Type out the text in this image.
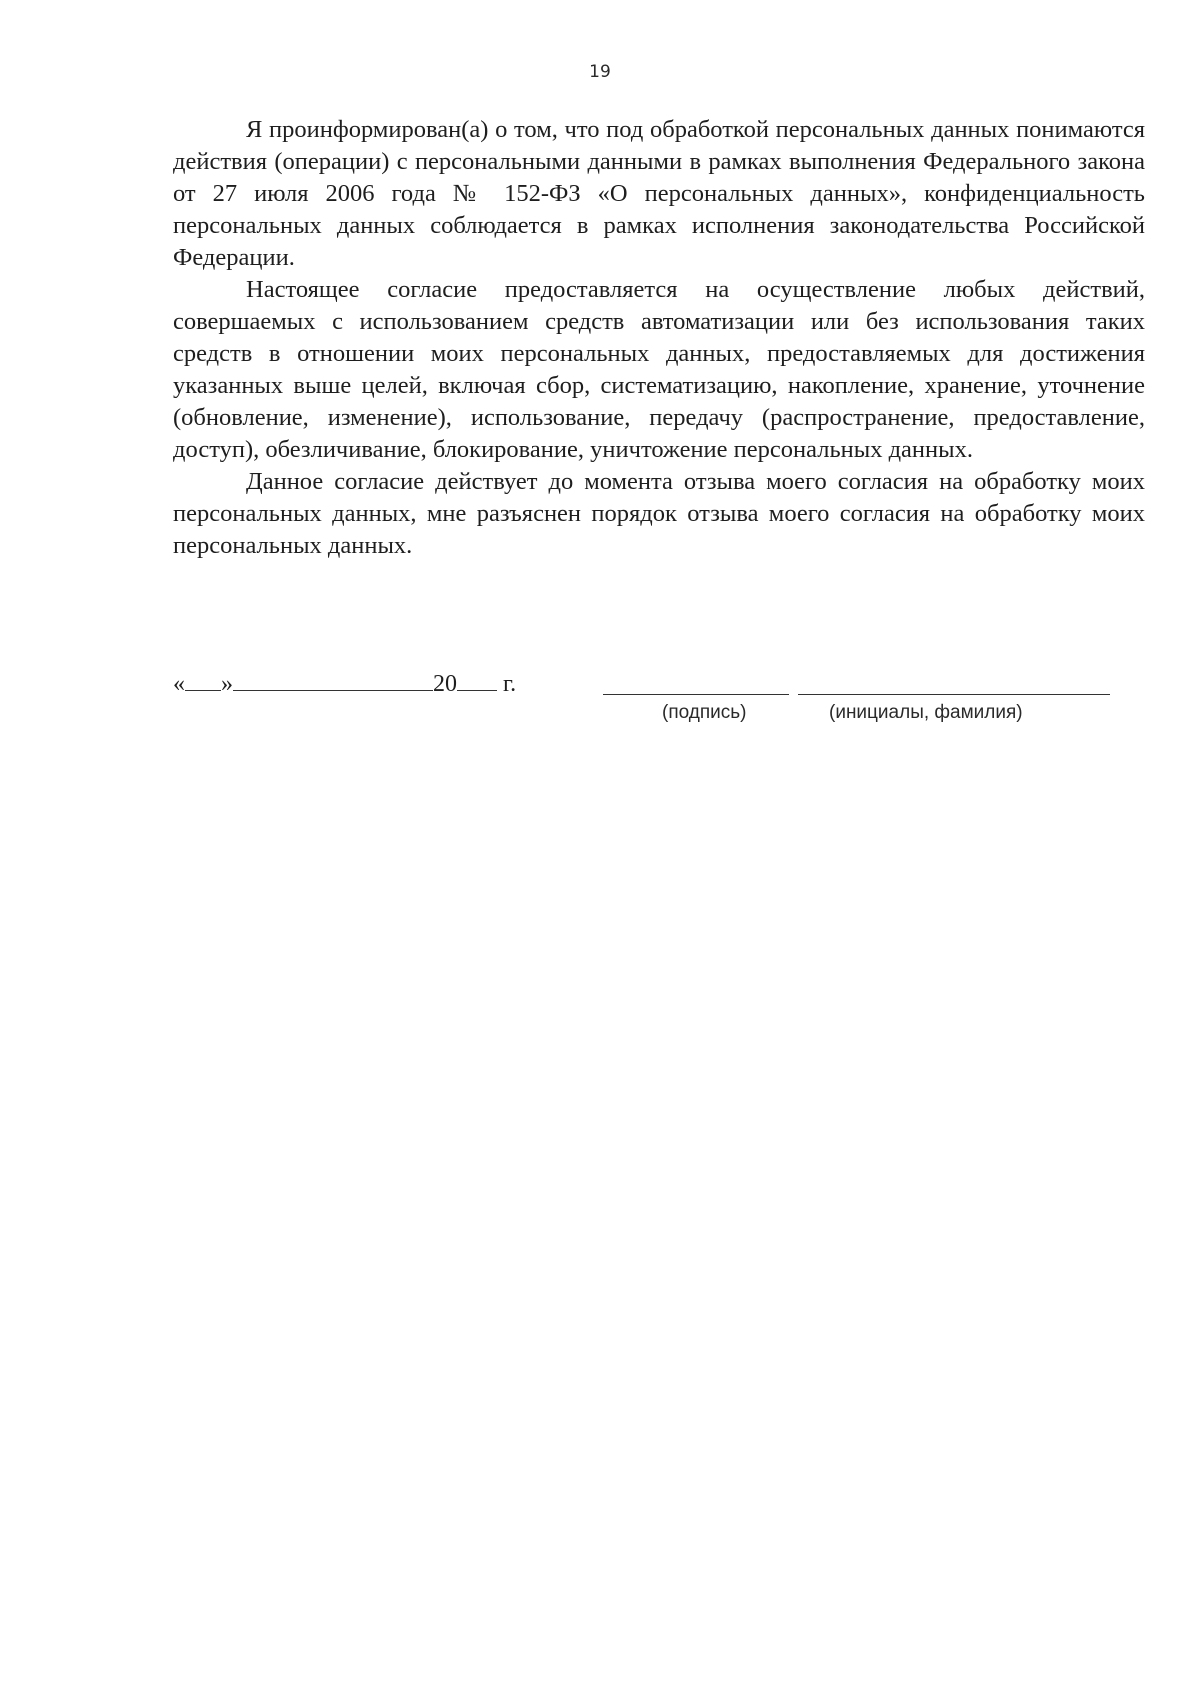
19

Я проинформирован(а) о том, что под обработкой персональных данных понимаются действия (операции) с персональными данными в рамках выполнения Федерального закона от 27 июля 2006 года № 152-ФЗ «О персональных данных», конфиденциальность персональных данных соблюдается в рамках исполнения законодательства Российской Федерации.

Настоящее согласие предоставляется на осуществление любых действий, совершаемых с использованием средств автоматизации или без использования таких средств в отношении моих персональных данных, предоставляемых для достижения указанных выше целей, включая сбор, систематизацию, накопление, хранение, уточнение (обновление, изменение), использование, передачу (распространение, предоставление, доступ), обезличивание, блокирование, уничтожение персональных данных.

Данное согласие действует до момента отзыва моего согласия на обработку моих персональных данных, мне разъяснен порядок отзыва моего согласия на обработку моих персональных данных.

« »	20 г.
(подпись)	(инициалы, фамилия)
